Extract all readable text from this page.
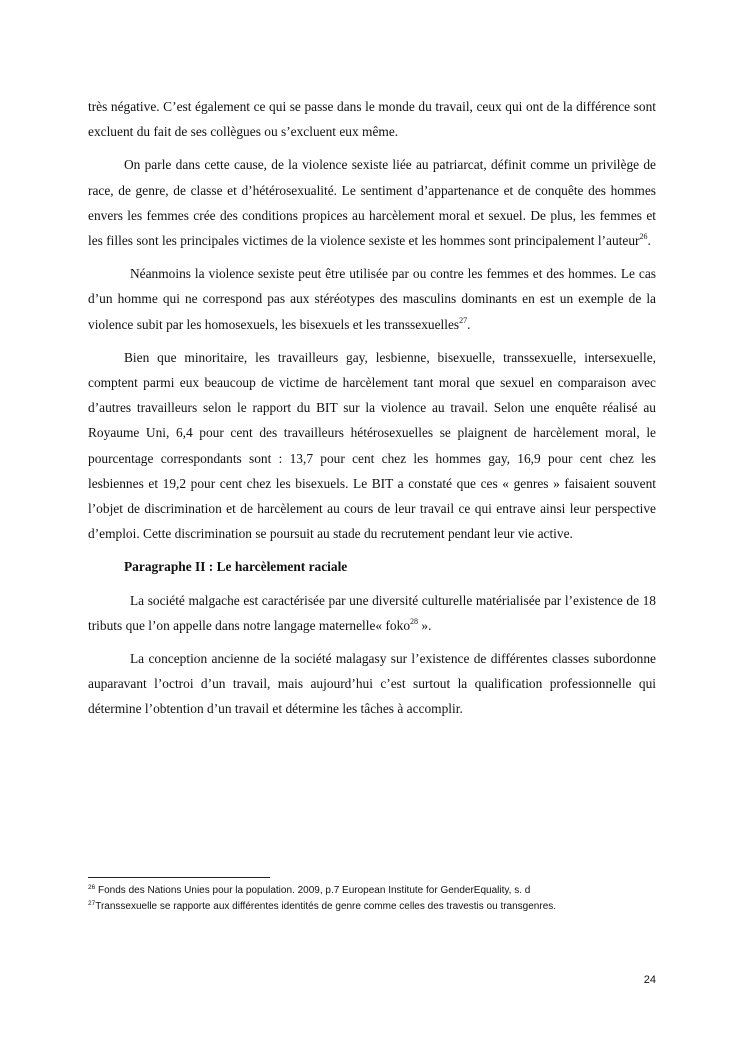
très négative. C’est également ce qui se passe dans le monde du travail, ceux qui ont de la différence sont excluent du fait de ses collègues ou s’excluent eux même.

On parle dans cette cause, de la violence sexiste liée au patriarcat, définit comme un privilège de race, de genre, de classe et d’hétérosexualité. Le sentiment d’appartenance et de conquête des hommes envers les femmes crée des conditions propices au harcèlement moral et sexuel. De plus, les femmes et les filles sont les principales victimes de la violence sexiste et les hommes sont principalement l’auteur$^{26}$.

Néanmoins la violence sexiste peut être utilisée par ou contre les femmes et des hommes. Le cas d’un homme qui ne correspond pas aux stéréotypes des masculins dominants en est un exemple de la violence subit par les homosexuels, les bisexuels et les transsexuelles$^{27}$.

Bien que minoritaire, les travailleurs gay, lesbienne, bisexuelle, transsexuelle, intersexuelle, comptent parmi eux beaucoup de victime de harcèlement tant moral que sexuel en comparaison avec d’autres travailleurs selon le rapport du BIT sur la violence au travail. Selon une enquête réalisé au Royaume Uni, 6,4 pour cent des travailleurs hétérosexuelles se plaignent de harcèlement moral, le pourcentage correspondants sont : 13,7 pour cent chez les hommes gay, 16,9 pour cent chez les lesbiennes et 19,2 pour cent chez les bisexuels. Le BIT a constaté que ces « genres » faisaient souvent l’objet de discrimination et de harcèlement au cours de leur travail ce qui entrave ainsi leur perspective d’emploi. Cette discrimination se poursuit au stade du recrutement pendant leur vie active.

Paragraphe II : Le harcèlement raciale

La société malgache est caractérisée par une diversité culturelle matérialisée par l’existence de 18 tributs que l’on appelle dans notre langage maternelle« foko$^{28}$ ».

La conception ancienne de la société malagasy sur l’existence de différentes classes subordonne auparavant l’octroi d’un travail, mais aujourd’hui c’est surtout la qualification professionnelle qui détermine l’obtention d’un travail et détermine les tâches à accomplir.

$^{26}$ Fonds des Nations Unies pour la population. 2009, p.7 European Institute for GenderEquality, s. d
$^{27}$Transsexuelle se rapporte aux différentes identités de genre comme celles des travestis ou transgenres.
24
